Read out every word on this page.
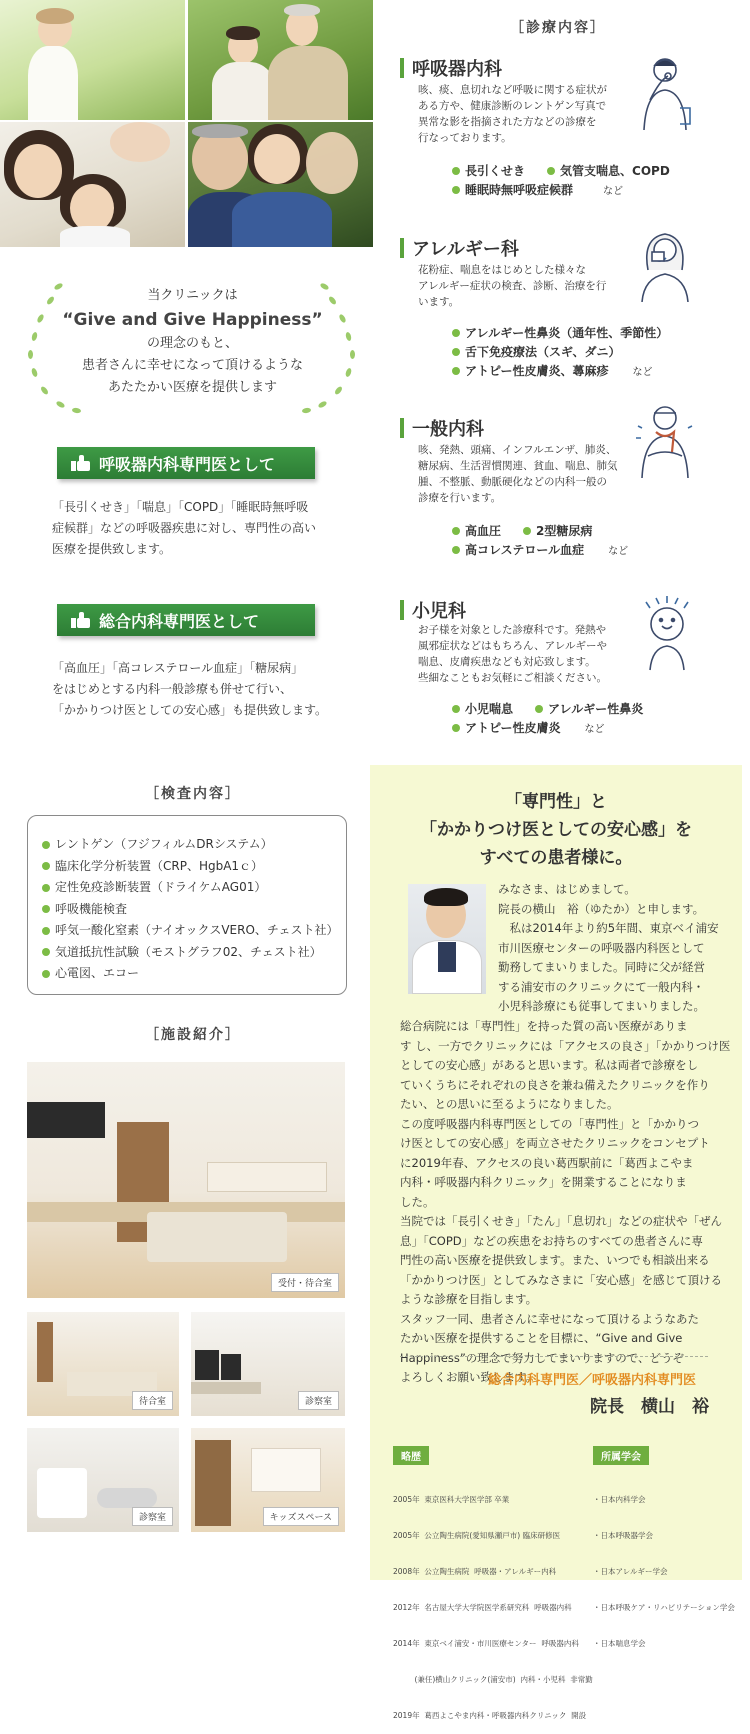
当クリニックは
“Give and Give Happiness”
の理念のもと、
患者さんに幸せになって頂けるような
あたたかい医療を提供します
呼吸器内科専門医として
「長引くせき」「喘息」「COPD」「睡眠時無呼吸
症候群」などの呼吸器疾患に対し、専門性の高い
医療を提供致します。
総合内科専門医として
「高血圧」「高コレステロール血症」「糖尿病」
をはじめとする内科一般診療も併せて行い、
「かかりつけ医としての安心感」も提供致します。
［診療内容］
呼吸器内科
咳、痰、息切れなど呼吸に関する症状が
ある方や、健康診断のレントゲン写真で
異常な影を指摘された方などの診療を
行なっております。
長引くせき	気管支喘息、COPD
睡眠時無呼吸症候群	など
アレルギー科
花粉症、喘息をはじめとした様々な
アレルギー症状の検査、診断、治療を行
います。
アレルギー性鼻炎（通年性、季節性）
舌下免疫療法（スギ、ダニ）
アトピー性皮膚炎、蕁麻疹 など
一般内科
咳、発熱、頭痛、インフルエンザ、肺炎、
糖尿病、生活習慣関連、貧血、喘息、肺気
腫、不整脈、動脈硬化などの内科一般の
診療を行います。
高血圧	2型糖尿病
高コレステロール血症 など
小児科
お子様を対象とした診療科です。発熱や
風邪症状などはもちろん、アレルギーや
喘息、皮膚疾患なども対応致します。
些細なこともお気軽にご相談ください。
小児喘息	アレルギー性鼻炎
アトピー性皮膚炎 など
［検査内容］
レントゲン（フジフィルムDRシステム）
臨床化学分析装置（CRP、HgbA1ｃ）
定性免疫診断装置（ドライケムAG01）
呼吸機能検査
呼気一酸化窒素（ナイオックスVERO、チェスト社）
気道抵抗性試験（モストグラフ02、チェスト社）
心電図、エコー
［施設紹介］
受付・待合室
待合室	診察室
診察室	キッズスペース
「専門性」と
「かかりつけ医としての安心感」を
すべての患者様に。
みなさま、はじめまして。
院長の横山　裕（ゆたか）と申します。
　私は2014年より約5年間、東京ベイ浦安
市川医療センターの呼吸器内科医として
勤務してまいりました。同時に父が経営
する浦安市のクリニックにて一般内科・
小児科診療にも従事してまいりました。
総合病院には「専門性」を持った質の高い医療がありま
す し、一方でクリニックには「アクセスの良さ」「かかりつけ医
としての安心感」があると思います。私は両者で診療をし
ていくうちにそれぞれの良さを兼ね備えたクリニックを作り
たい、との思いに至るようになりました。
この度呼吸器内科専門医としての「専門性」と「かかりつ
け医としての安心感」を両立させたクリニックをコンセプト
に2019年春、アクセスの良い葛西駅前に「葛西よこやま
内科・呼吸器内科クリニック」を開業することになりま
した。
当院では「長引くせき」「たん」「息切れ」などの症状や「ぜん
息」「COPD」などの疾患をお持ちのすべての患者さんに専
門性の高い医療を提供致します。また、いつでも相談出来る
「かかりつけ医」としてみなさまに「安心感」を感じて頂ける
ような診療を目指します。
スタッフ一同、患者さんに幸せになって頂けるようなあた
たかい医療を提供することを目標に、“Give and Give
Happiness”の理念で努力してまいりますので、どうぞ
よろしくお願い致します。
総合内科専門医／呼吸器内科専門医
院長　横山　裕
略歴

2005年  東京医科大学医学部 卒業

2005年  公立陶生病院(愛知県瀬戸市) 臨床研修医

2008年  公立陶生病院  呼吸器・アレルギー内科

2012年  名古屋大学大学院医学系研究科  呼吸器内科

2014年  東京ベイ浦安・市川医療センター  呼吸器内科

(兼任)横山クリニック(浦安市)  内科・小児科  非常勤

2019年  葛西よこやま内科・呼吸器内科クリニック  開設

所属学会

・日本内科学会

・日本呼吸器学会

・日本アレルギー学会

・日本呼吸ケア・リハビリテーション学会

・日本喘息学会
